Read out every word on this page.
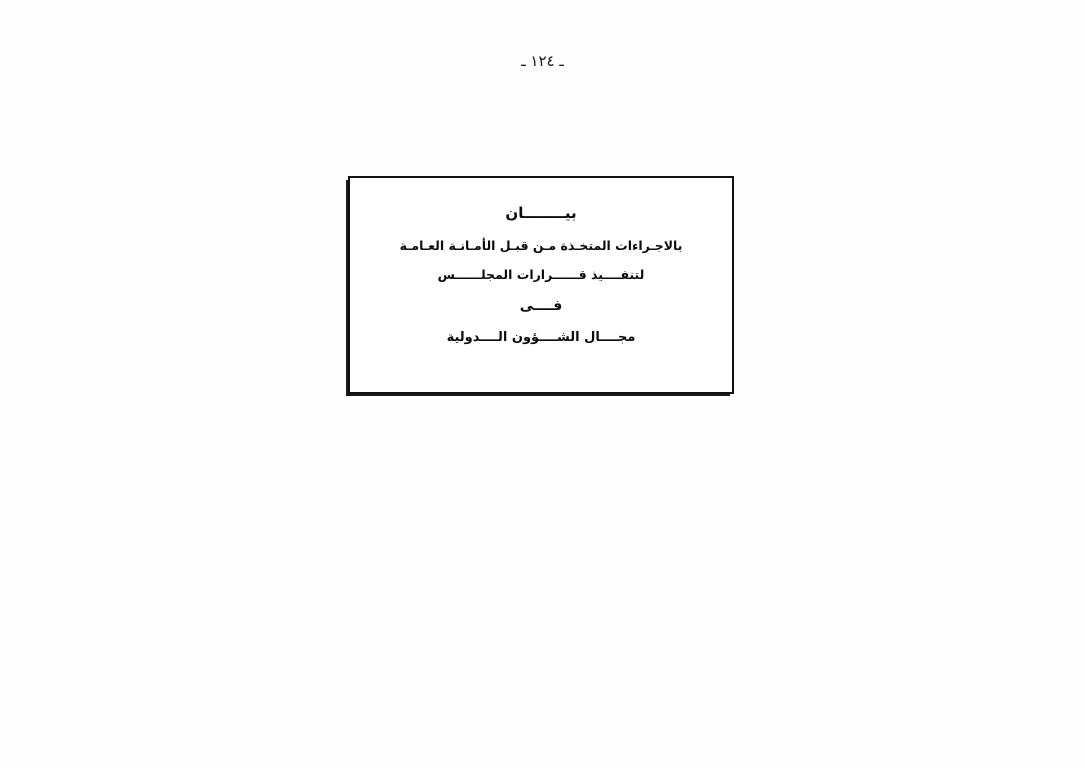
ـ ١٢٤ ـ
بيــــــــان
بالاجـراءات المتخـذة مـن قبـل الأمـانـة العـامـة
لتنفــــيذ قــــــرارات المجلــــــس
فــــى
مجــــال الشــــؤون الــــدولية
